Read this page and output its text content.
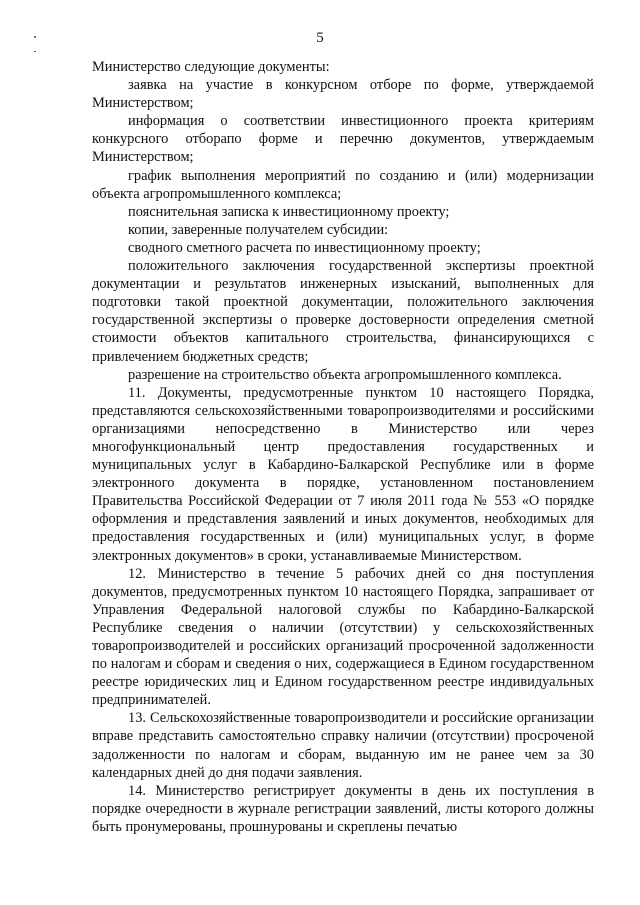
5

Министерство следующие документы:

заявка на участие в конкурсном отборе по форме, утверждаемой Министерством;

информация о соответствии инвестиционного проекта критериям конкурсного отборапо форме и перечню документов, утверждаемым Министерством;

график выполнения мероприятий по созданию и (или) модернизации объекта агропромышленного комплекса;

пояснительная записка к инвестиционному проекту;

копии, заверенные получателем субсидии:

сводного сметного расчета по инвестиционному проекту;

положительного заключения государственной экспертизы проектной документации и результатов инженерных изысканий, выполненных для подготовки такой проектной документации, положительного заключения государственной экспертизы о проверке достоверности определения сметной стоимости объектов капитального строительства, финансирующихся с привлечением бюджетных средств;

разрешение на строительство объекта агропромышленного комплекса.

11. Документы, предусмотренные пунктом 10 настоящего Порядка, представляются сельскохозяйственными товаропроизводителями и российскими организациями непосредственно в Министерство или через многофункциональный центр предоставления государственных и муниципальных услуг в Кабардино-Балкарской Республике или в форме электронного документа в порядке, установленном постановлением Правительства Российской Федерации от 7 июля 2011 года № 553 «О порядке оформления и представления заявлений и иных документов, необходимых для предоставления государственных и (или) муниципальных услуг, в форме электронных документов» в сроки, устанавливаемые Министерством.

12. Министерство в течение 5 рабочих дней со дня поступления документов, предусмотренных пунктом 10 настоящего Порядка, запрашивает от Управления Федеральной налоговой службы по Кабардино-Балкарской Республике сведения о наличии (отсутствии) у сельскохозяйственных товаропроизводителей и российских организаций просроченной задолженности по налогам и сборам и сведения о них, содержащиеся в Едином государственном реестре юридических лиц и Едином государственном реестре индивидуальных предпринимателей.

13. Сельскохозяйственные товаропроизводители и российские организации вправе представить самостоятельно справку наличии (отсутствии) просроченой задолженности по налогам и сборам, выданную им не ранее чем за 30 календарных дней до дня подачи заявления.

14. Министерство регистрирует документы в день их поступления в порядке очередности в журнале регистрации заявлений, листы которого должны быть пронумерованы, прошнурованы и скреплены печатью
